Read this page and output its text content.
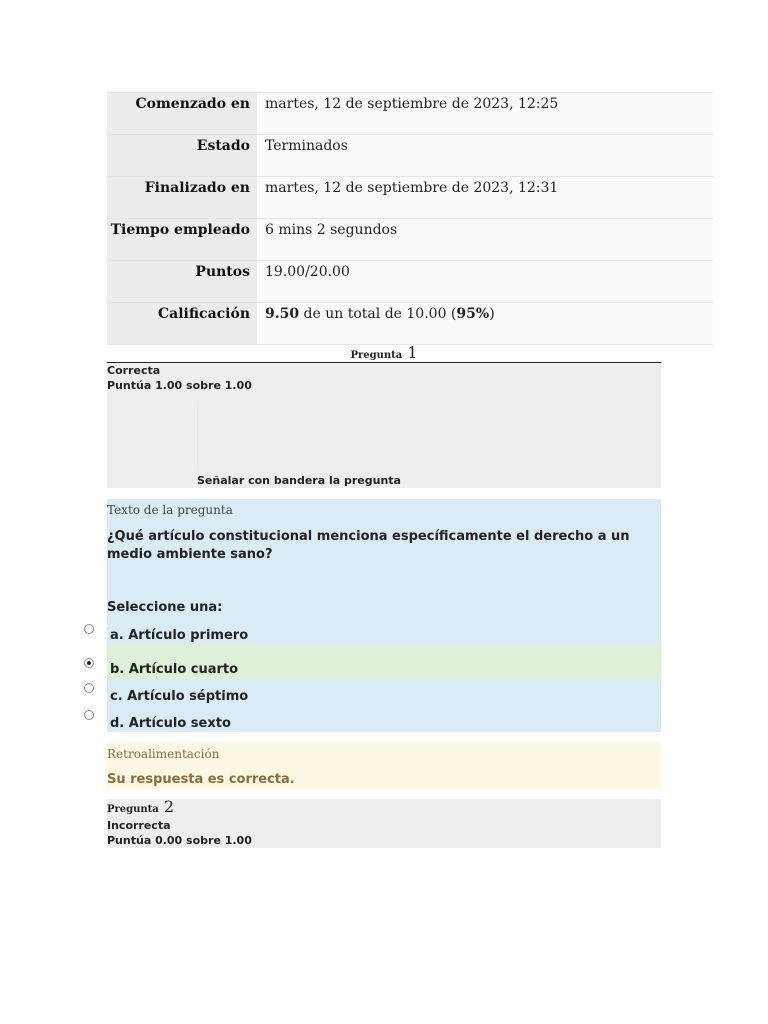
Comenzado en	martes, 12 de septiembre de 2023, 12:25
Estado	Terminados
Finalizado en	martes, 12 de septiembre de 2023, 12:31
Tiempo empleado	6 mins 2 segundos
Puntos	19.00/20.00
Calificación	9.50 de un total de 10.00 (95%)
Pregunta 1
Correcta
Puntúa 1.00 sobre 1.00
Señalar con bandera la pregunta
Texto de la pregunta
¿Qué artículo constitucional menciona específicamente el derecho a un medio ambiente sano?
Seleccione una:
a. Artículo primero
b. Artículo cuarto
c. Artículo séptimo
d. Artículo sexto
Retroalimentación
Su respuesta es correcta.
Pregunta 2
Incorrecta
Puntúa 0.00 sobre 1.00
